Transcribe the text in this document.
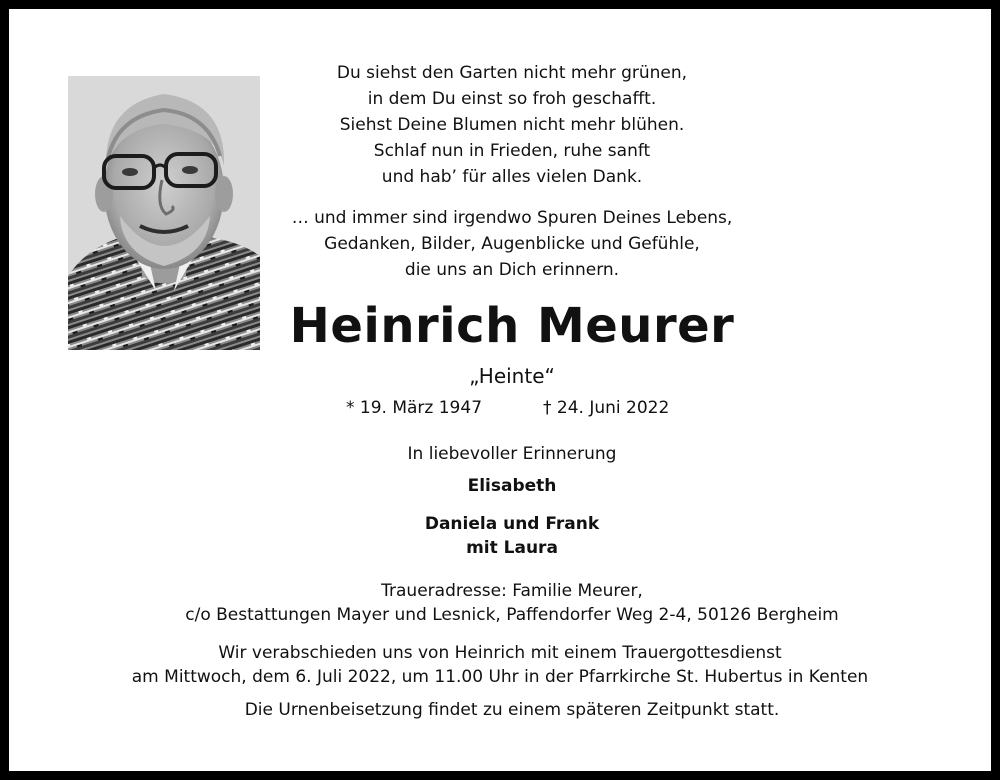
Du siehst den Garten nicht mehr grünen,
in dem Du einst so froh geschafft.
Siehst Deine Blumen nicht mehr blühen.
Schlaf nun in Frieden, ruhe sanft
und hab’ für alles vielen Dank.
… und immer sind irgendwo Spuren Deines Lebens,
Gedanken, Bilder, Augenblicke und Gefühle,
die uns an Dich erinnern.
Heinrich Meurer
„Heinte“
* 19. März 1947	† 24. Juni 2022
In liebevoller Erinnerung
Elisabeth
Daniela und Frank
mit Laura
Traueradresse: Familie Meurer,
c/o Bestattungen Mayer und Lesnick, Paffendorfer Weg 2-4, 50126 Bergheim
Wir verabschieden uns von Heinrich mit einem Trauergottesdienst
am Mittwoch, dem 6. Juli 2022, um 11.00 Uhr in der Pfarrkirche St. Hubertus in Kenten
Die Urnenbeisetzung findet zu einem späteren Zeitpunkt statt.
